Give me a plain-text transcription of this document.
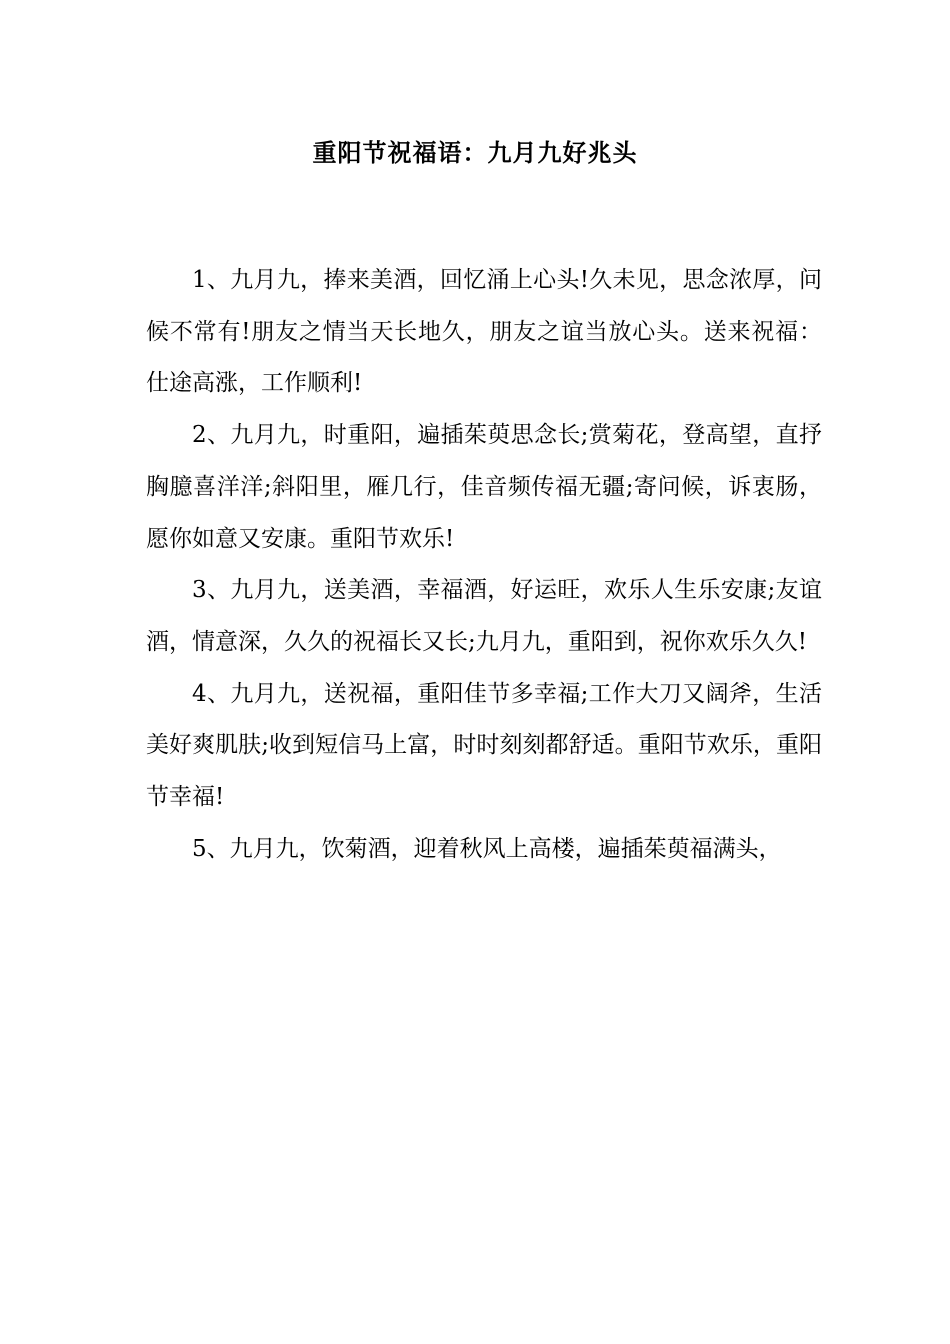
重阳节祝福语：九月九好兆头

1、九月九，捧来美酒，回忆涌上心头!久未见，思念浓厚，问候不常有!朋友之情当天长地久，朋友之谊当放心头。送来祝福：仕途高涨，工作顺利!

2、九月九，时重阳，遍插茱萸思念长;赏菊花，登高望，直抒胸臆喜洋洋;斜阳里，雁几行，佳音频传福无疆;寄问候，诉衷肠，愿你如意又安康。重阳节欢乐!

3、九月九，送美酒，幸福酒，好运旺，欢乐人生乐安康;友谊酒，情意深，久久的祝福长又长;九月九，重阳到，祝你欢乐久久!

4、九月九，送祝福，重阳佳节多幸福;工作大刀又阔斧，生活美好爽肌肤;收到短信马上富，时时刻刻都舒适。重阳节欢乐，重阳节幸福!

5、九月九，饮菊酒，迎着秋风上高楼，遍插茱萸福满头，
